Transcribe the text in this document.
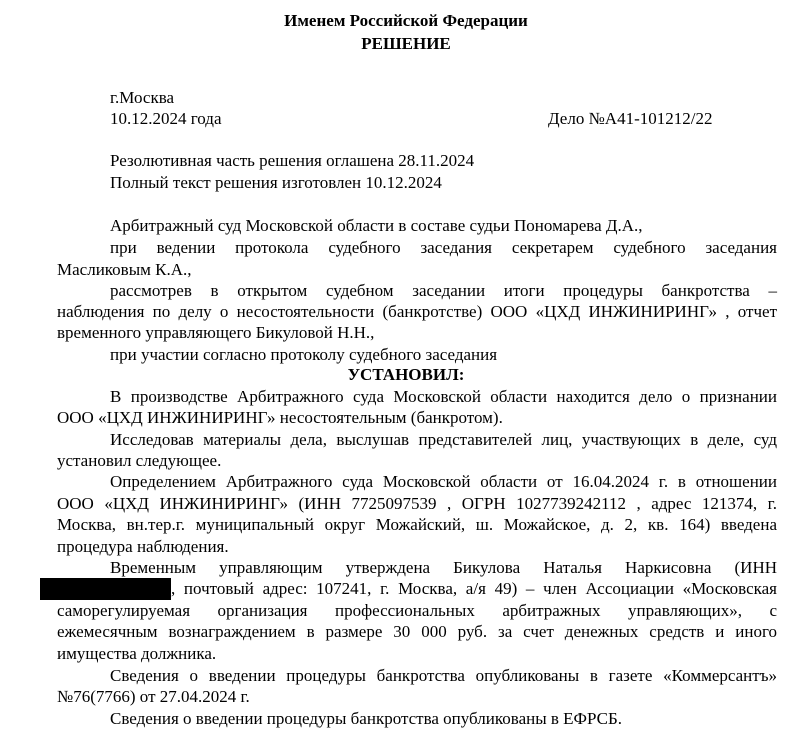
Именем Российской Федерации
РЕШЕНИЕ
г.Москва
10.12.2024 года	Дело №А41-101212/22
Резолютивная часть решения оглашена 28.11.2024
Полный текст решения изготовлен 10.12.2024
Арбитражный суд Московской области в составе судьи Пономарева Д.А.,
при ведении протокола судебного заседания секретарем судебного заседания
Масликовым К.А.,
рассмотрев в открытом судебном заседании итоги процедуры банкротства –
наблюдения по делу о несостоятельности (банкротстве) ООО «ЦХД ИНЖИНИРИНГ» , отчет
временного управляющего Бикуловой Н.Н.,
при участии согласно протоколу судебного заседания
УСТАНОВИЛ:
В производстве Арбитражного суда Московской области находится дело о признании
ООО «ЦХД ИНЖИНИРИНГ» несостоятельным (банкротом).
Исследовав материалы дела, выслушав представителей лиц, участвующих в деле, суд
установил следующее.
Определением Арбитражного суда Московской области от 16.04.2024 г. в отношении
ООО «ЦХД ИНЖИНИРИНГ» (ИНН 7725097539 , ОГРН 1027739242112 , адрес 121374, г.
Москва, вн.тер.г. муниципальный округ Можайский, ш. Можайское, д. 2, кв. 164) введена
процедура наблюдения.
Временным управляющим утверждена Бикулова Наталья Наркисовна (ИНН
, почтовый адрес: 107241, г. Москва, а/я 49) – член Ассоциации «Московская
саморегулируемая организация профессиональных арбитражных управляющих», с
ежемесячным вознаграждением в размере 30 000 руб. за счет денежных средств и иного
имущества должника.
Сведения о введении процедуры банкротства опубликованы в газете «Коммерсантъ»
№76(7766) от 27.04.2024 г.
Сведения о введении процедуры банкротства опубликованы в ЕФРСБ.
